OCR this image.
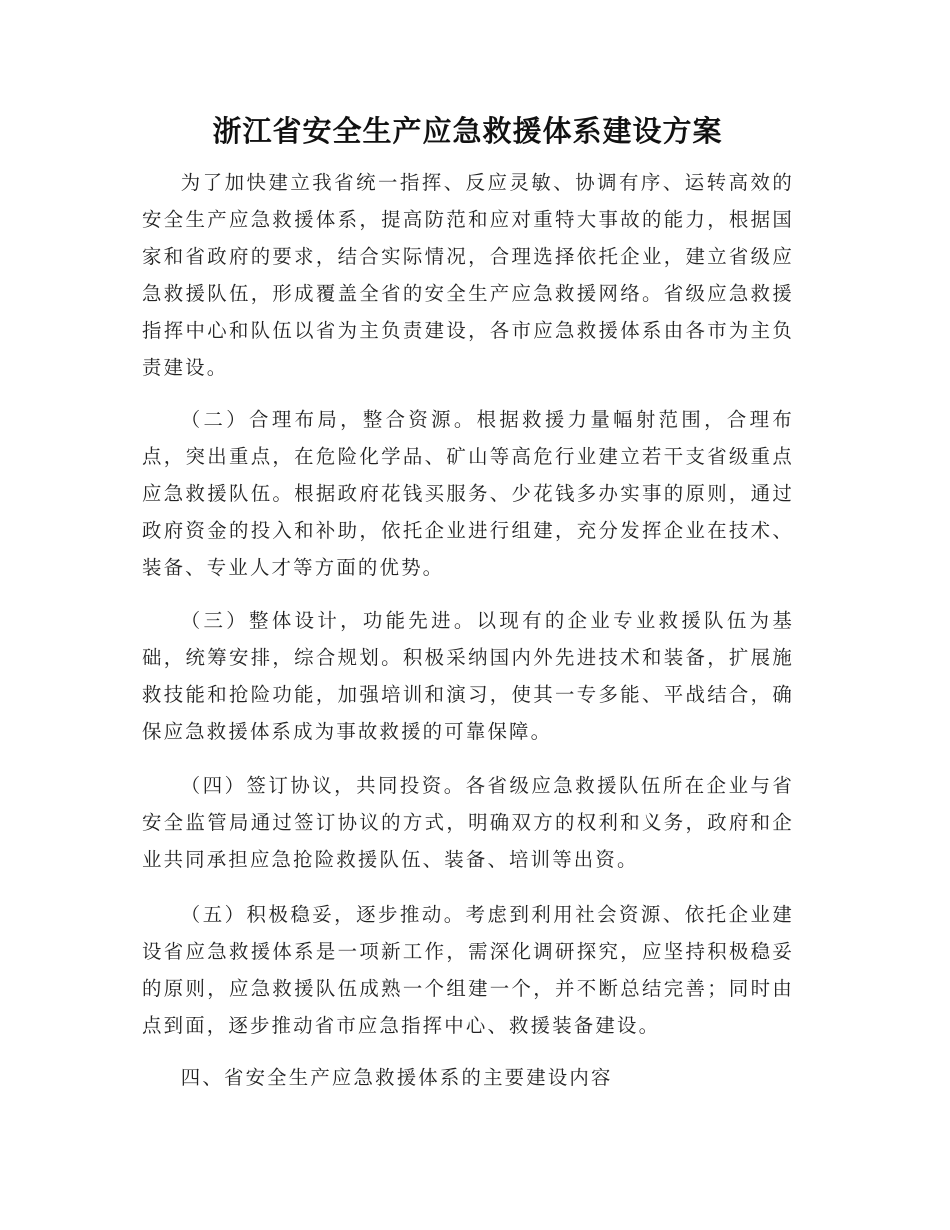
浙江省安全生产应急救援体系建设方案

为了加快建立我省统一指挥、反应灵敏、协调有序、运转高效的安全生产应急救援体系，提高防范和应对重特大事故的能力，根据国家和省政府的要求，结合实际情况，合理选择依托企业，建立省级应急救援队伍，形成覆盖全省的安全生产应急救援网络。省级应急救援指挥中心和队伍以省为主负责建设，各市应急救援体系由各市为主负责建设。

（二）合理布局，整合资源。根据救援力量幅射范围，合理布点，突出重点，在危险化学品、矿山等高危行业建立若干支省级重点应急救援队伍。根据政府花钱买服务、少花钱多办实事的原则，通过政府资金的投入和补助，依托企业进行组建，充分发挥企业在技术、装备、专业人才等方面的优势。

（三）整体设计，功能先进。以现有的企业专业救援队伍为基础，统筹安排，综合规划。积极采纳国内外先进技术和装备，扩展施救技能和抢险功能，加强培训和演习，使其一专多能、平战结合，确保应急救援体系成为事故救援的可靠保障。

（四）签订协议，共同投资。各省级应急救援队伍所在企业与省安全监管局通过签订协议的方式，明确双方的权利和义务，政府和企业共同承担应急抢险救援队伍、装备、培训等出资。

（五）积极稳妥，逐步推动。考虑到利用社会资源、依托企业建设省应急救援体系是一项新工作，需深化调研探究，应坚持积极稳妥的原则，应急救援队伍成熟一个组建一个，并不断总结完善；同时由点到面，逐步推动省市应急指挥中心、救援装备建设。

四、省安全生产应急救援体系的主要建设内容
